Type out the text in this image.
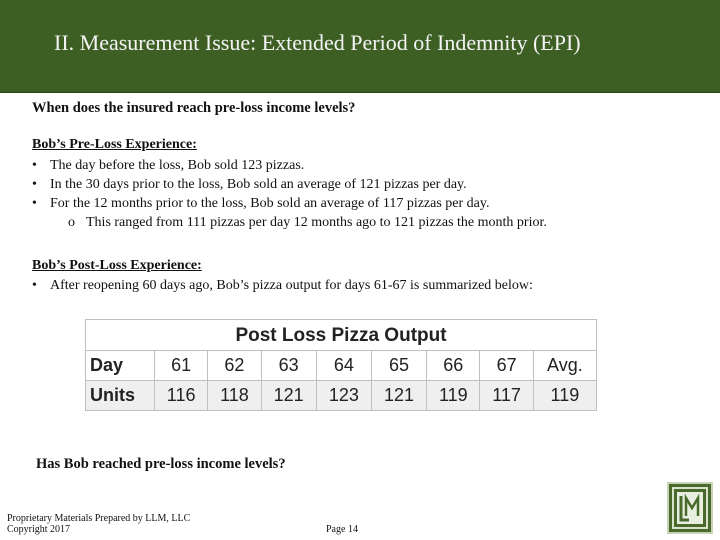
II. Measurement Issue: Extended Period of Indemnity (EPI)

When does the insured reach pre-loss income levels?

Bob’s Pre-Loss Experience:

• The day before the loss, Bob sold 123 pizzas.
• In the 30 days prior to the loss, Bob sold an average of 121 pizzas per day.
• For the 12 months prior to the loss, Bob sold an average of 117 pizzas per day.
o This ranged from 111 pizzas per day 12 months ago to 121 pizzas the month prior.

Bob’s Post-Loss Experience:

• After reopening 60 days ago, Bob’s pizza output for days 61-67 is summarized below:
Post Loss Pizza Output
Day	61	62	63	64	65	66	67	Avg.
Units	116	118	121	123	121	119	117	119

Has Bob reached pre-loss income levels?

Proprietary Materials Prepared by LLM, LLC
Copyright 2017	Page 14
